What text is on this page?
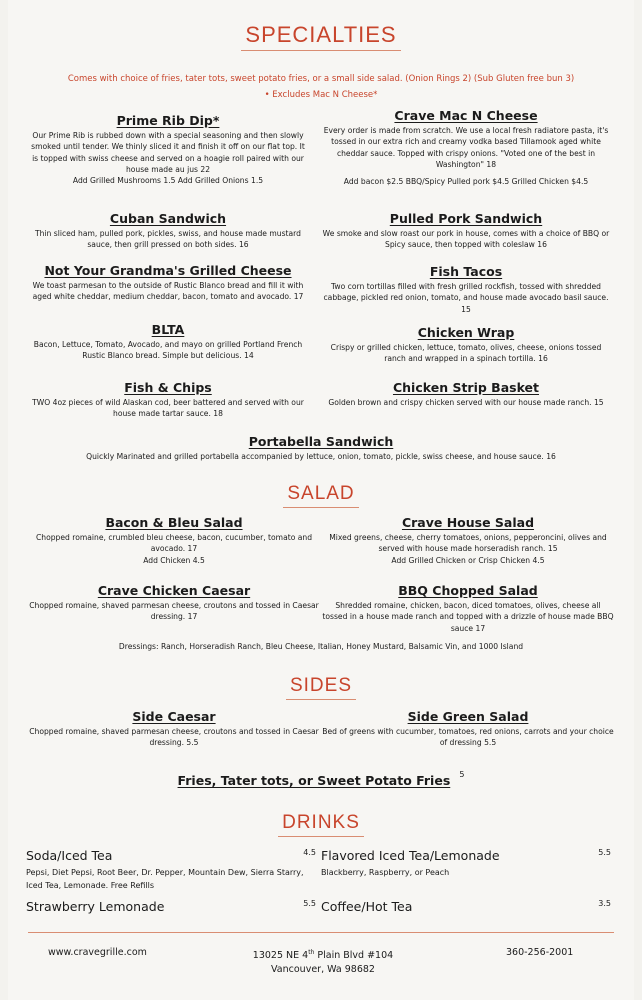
SPECIALTIES
Comes with choice of fries, tater tots, sweet potato fries, or a small side salad. (Onion Rings 2) (Sub Gluten free bun 3)
• Excludes Mac N Cheese*
Prime Rib Dip*

Our Prime Rib is rubbed down with a special seasoning and then slowly smoked until tender. We thinly sliced it and finish it off on our flat top. It is topped with swiss cheese and served on a hoagie roll paired with our house made au jus 22

Add Grilled Mushrooms 1.5 Add Grilled Onions 1.5

Crave Mac N Cheese

Every order is made from scratch. We use a local fresh radiatore pasta, it's tossed in our extra rich and creamy vodka based Tillamook aged white cheddar sauce. Topped with crispy onions. "Voted one of the best in Washington" 18

Add bacon $2.5 BBQ/Spicy Pulled pork $4.5 Grilled Chicken $4.5

Cuban Sandwich

Thin sliced ham, pulled pork, pickles, swiss, and house made mustard sauce, then grill pressed on both sides. 16

Pulled Pork Sandwich

We smoke and slow roast our pork in house, comes with a choice of BBQ or Spicy sauce, then topped with coleslaw 16

Not Your Grandma's Grilled Cheese

We toast parmesan to the outside of Rustic Blanco bread and fill it with aged white cheddar, medium cheddar, bacon, tomato and avocado. 17

Fish Tacos

Two corn tortillas filled with fresh grilled rockfish, tossed with shredded cabbage, pickled red onion, tomato, and house made avocado basil sauce. 15

BLTA

Bacon, Lettuce, Tomato, Avocado, and mayo on grilled Portland French Rustic Blanco bread. Simple but delicious. 14

Chicken Wrap

Crispy or grilled chicken, lettuce, tomato, olives, cheese, onions tossed ranch and wrapped in a spinach tortilla. 16

Fish & Chips

TWO 4oz pieces of wild Alaskan cod, beer battered and served with our house made tartar sauce. 18

Chicken Strip Basket

Golden brown and crispy chicken served with our house made ranch. 15

Portabella Sandwich

Quickly Marinated and grilled portabella accompanied by lettuce, onion, tomato, pickle, swiss cheese, and house sauce. 16

SALAD
Bacon & Bleu Salad

Chopped romaine, crumbled bleu cheese, bacon, cucumber, tomato and avocado. 17

Add Chicken 4.5

Crave House Salad

Mixed greens, cheese, cherry tomatoes, onions, pepperoncini, olives and served with house made horseradish ranch. 15

Add Grilled Chicken or Crisp Chicken 4.5

Crave Chicken Caesar

Chopped romaine, shaved parmesan cheese, croutons and tossed in Caesar dressing. 17

BBQ Chopped Salad

Shredded romaine, chicken, bacon, diced tomatoes, olives, cheese all tossed in a house made ranch and topped with a drizzle of house made BBQ sauce 17

Dressings: Ranch, Horseradish Ranch, Bleu Cheese, Italian, Honey Mustard, Balsamic Vin, and 1000 Island

SIDES
Side Caesar

Chopped romaine, shaved parmesan cheese, croutons and tossed in Caesar dressing. 5.5

Side Green Salad

Bed of greens with cucumber, tomatoes, red onions, carrots and your choice of dressing 5.5

Fries, Tater tots, or Sweet Potato Fries $^5$
DRINKS
Soda/Iced Tea	4.5
Pepsi, Diet Pepsi, Root Beer, Dr. Pepper, Mountain Dew, Sierra Starry, Iced Tea, Lemonade. Free Refills
Flavored Iced Tea/Lemonade	5.5
Blackberry, Raspberry, or Peach
Strawberry Lemonade	5.5 Coffee/Hot Tea	3.5
www.cravegrille.com	13025 NE 4th Plain Blvd #104
Vancouver, Wa 98682
360-256-2001
